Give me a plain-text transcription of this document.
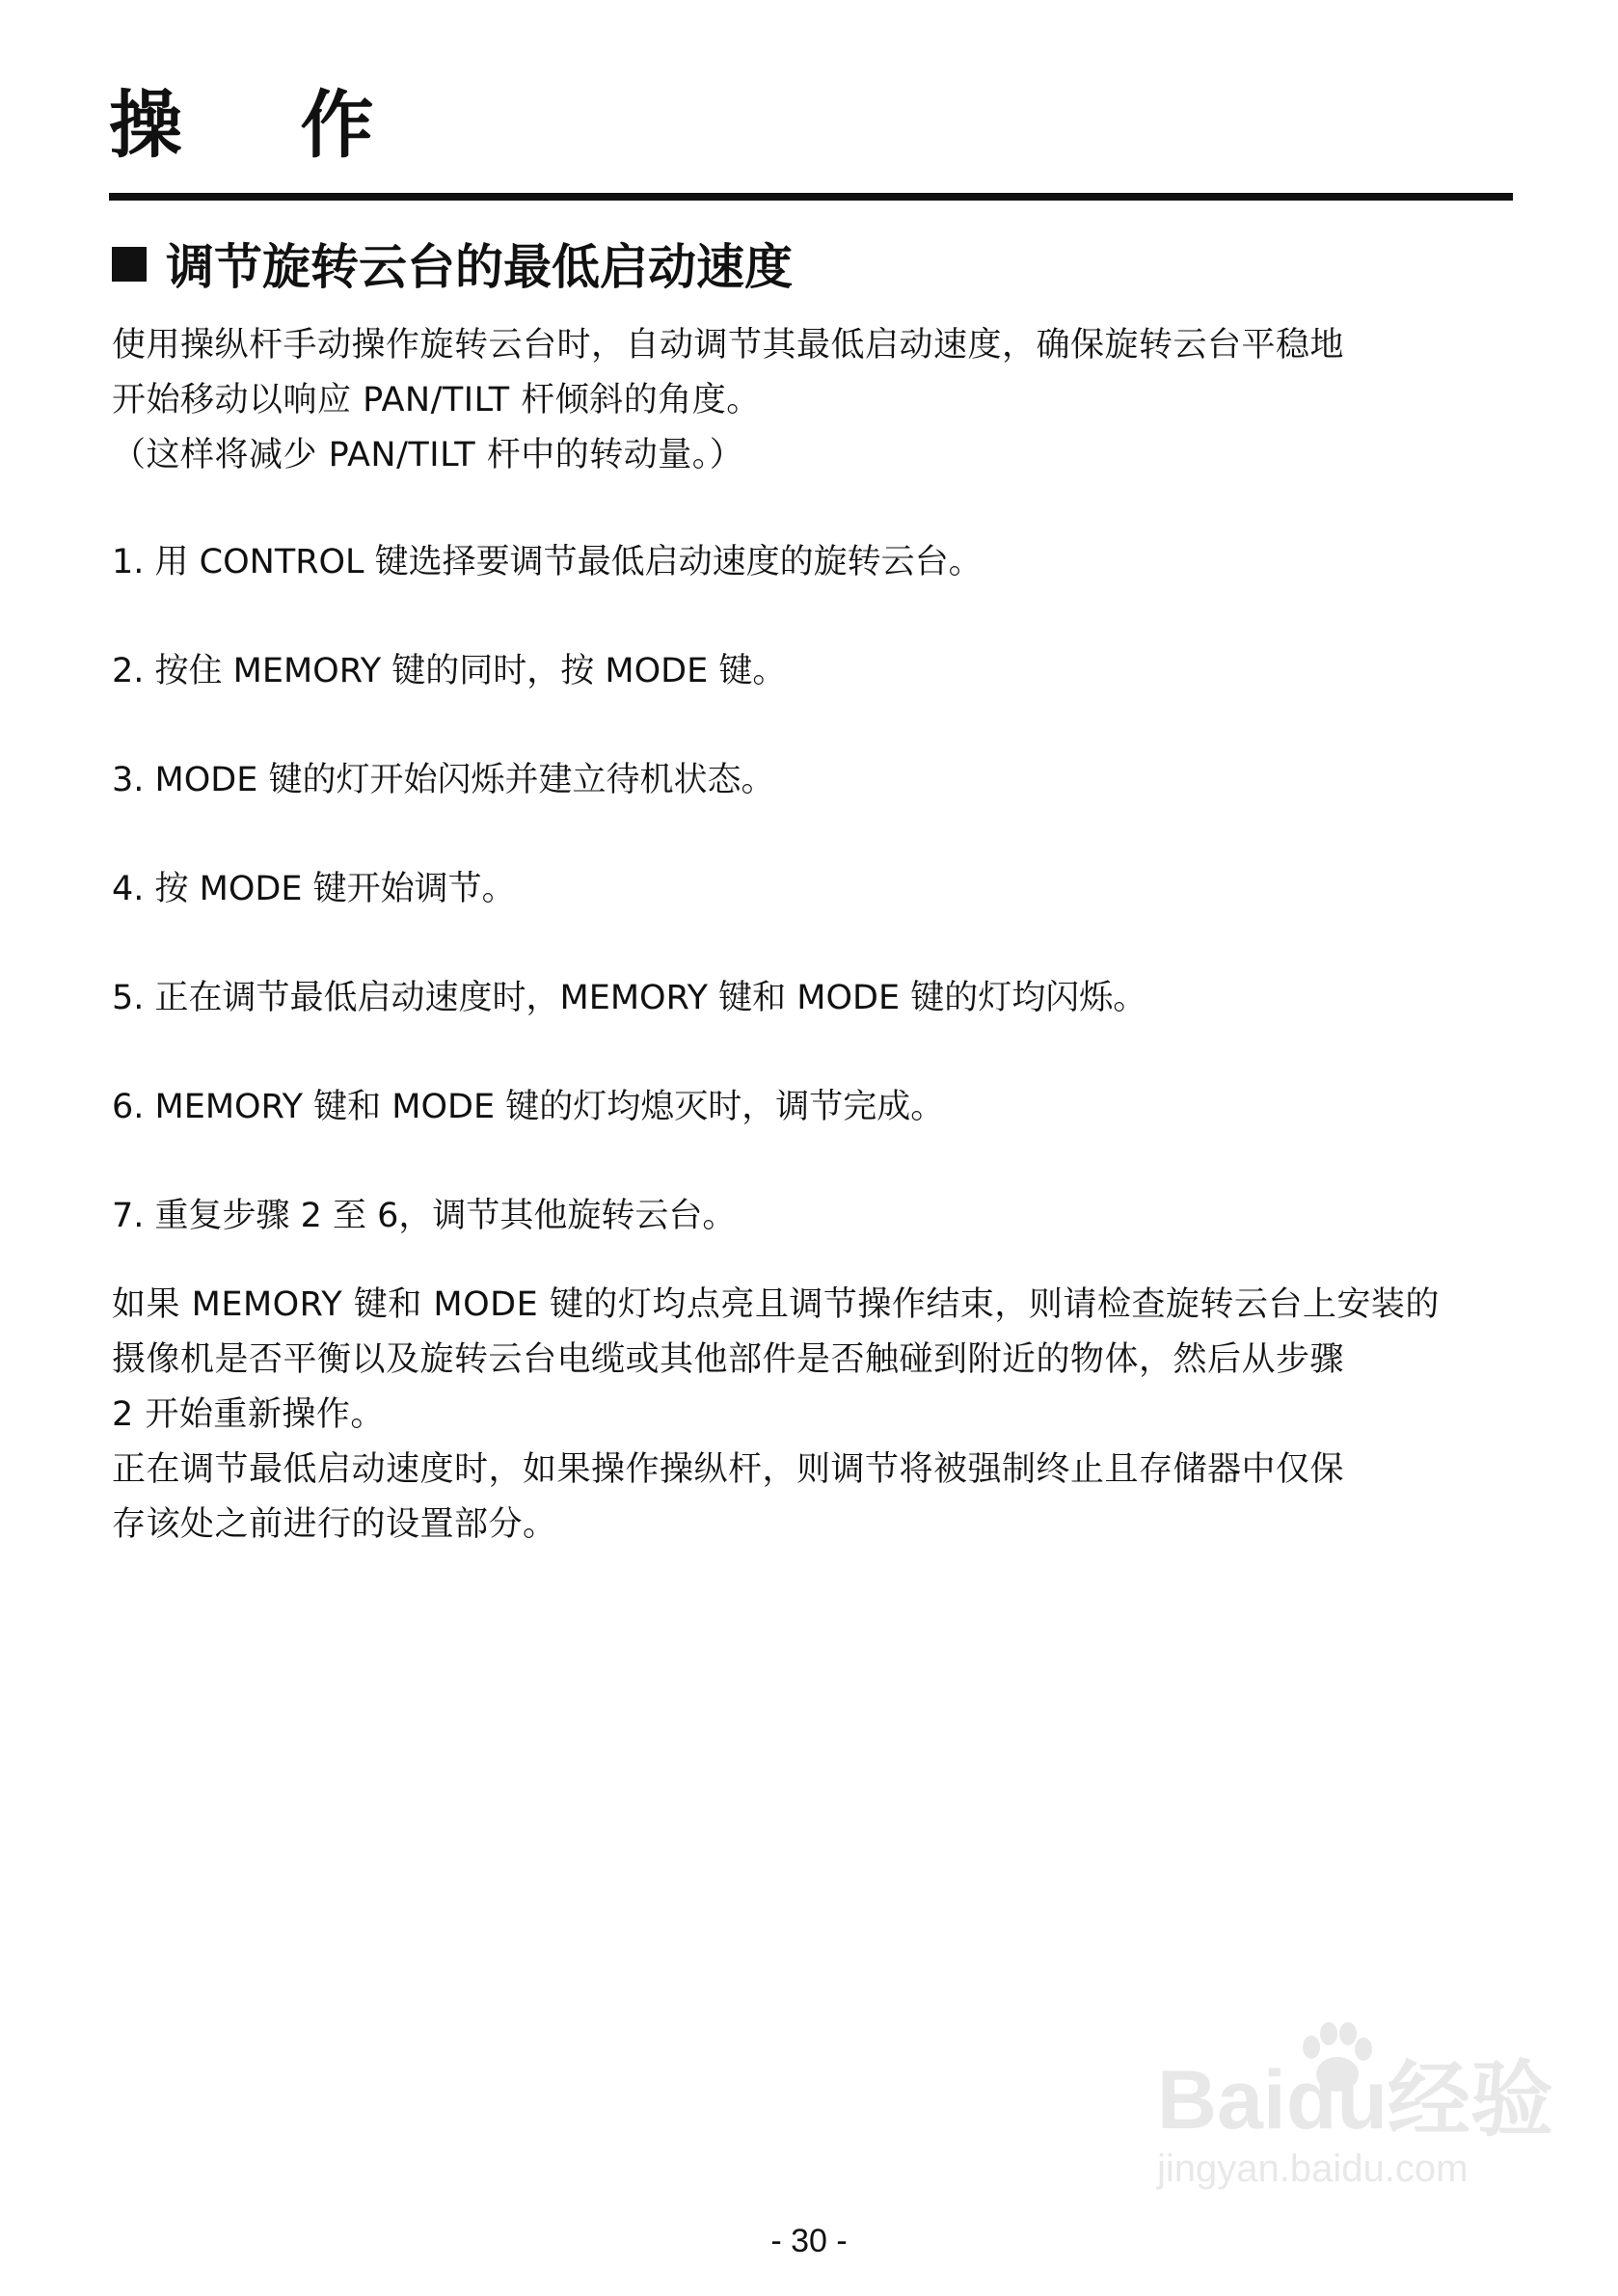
操 作
调节旋转云台的最低启动速度
使用操纵杆手动操作旋转云台时，自动调节其最低启动速度，确保旋转云台平稳地
开始移动以响应 PAN/TILT 杆倾斜的角度。
（这样将减少 PAN/TILT 杆中的转动量。）
1. 用 CONTROL 键选择要调节最低启动速度的旋转云台。
2. 按住 MEMORY 键的同时，按 MODE 键。
3. MODE 键的灯开始闪烁并建立待机状态。
4. 按 MODE 键开始调节。
5. 正在调节最低启动速度时，MEMORY 键和 MODE 键的灯均闪烁。
6. MEMORY 键和 MODE 键的灯均熄灭时，调节完成。
7. 重复步骤 2 至 6，调节其他旋转云台。
如果 MEMORY 键和 MODE 键的灯均点亮且调节操作结束，则请检查旋转云台上安装的
摄像机是否平衡以及旋转云台电缆或其他部件是否触碰到附近的物体，然后从步骤
2 开始重新操作。
正在调节最低启动速度时，如果操作操纵杆，则调节将被强制终止且存储器中仅保
存该处之前进行的设置部分。
Baidu经验
jingyan.baidu.com
- 30 -
